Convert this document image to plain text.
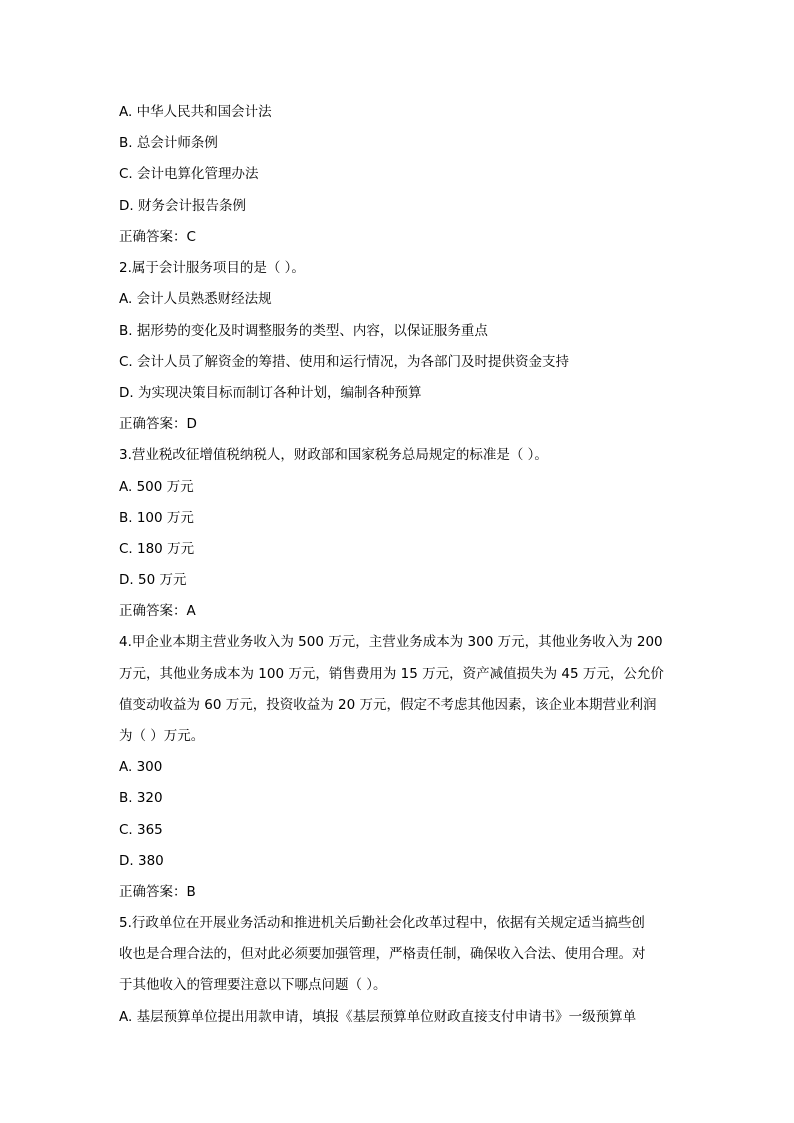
A. 中华人民共和国会计法

B. 总会计师条例

C. 会计电算化管理办法

D. 财务会计报告条例

正确答案：C

2.属于会计服务项目的是（ ）。

A. 会计人员熟悉财经法规

B. 据形势的变化及时调整服务的类型、内容，以保证服务重点

C. 会计人员了解资金的筹措、使用和运行情况，为各部门及时提供资金支持

D. 为实现决策目标而制订各种计划，编制各种预算

正确答案：D

3.营业税改征增值税纳税人，财政部和国家税务总局规定的标准是（ ）。

A. 500 万元

B. 100 万元

C. 180 万元

D. 50 万元

正确答案：A

4.甲企业本期主营业务收入为 500 万元，主营业务成本为 300 万元，其他业务收入为 200

万元，其他业务成本为 100 万元，销售费用为 15 万元，资产减值损失为 45 万元，公允价

值变动收益为 60 万元，投资收益为 20 万元，假定不考虑其他因素，该企业本期营业利润

为（ ）万元。

A. 300

B. 320

C. 365

D. 380

正确答案：B

5.行政单位在开展业务活动和推进机关后勤社会化改革过程中，依据有关规定适当搞些创

收也是合理合法的，但对此必须要加强管理，严格责任制，确保收入合法、使用合理。对

于其他收入的管理要注意以下哪点问题（ ）。

A. 基层预算单位提出用款申请，填报《基层预算单位财政直接支付申请书》一级预算单
